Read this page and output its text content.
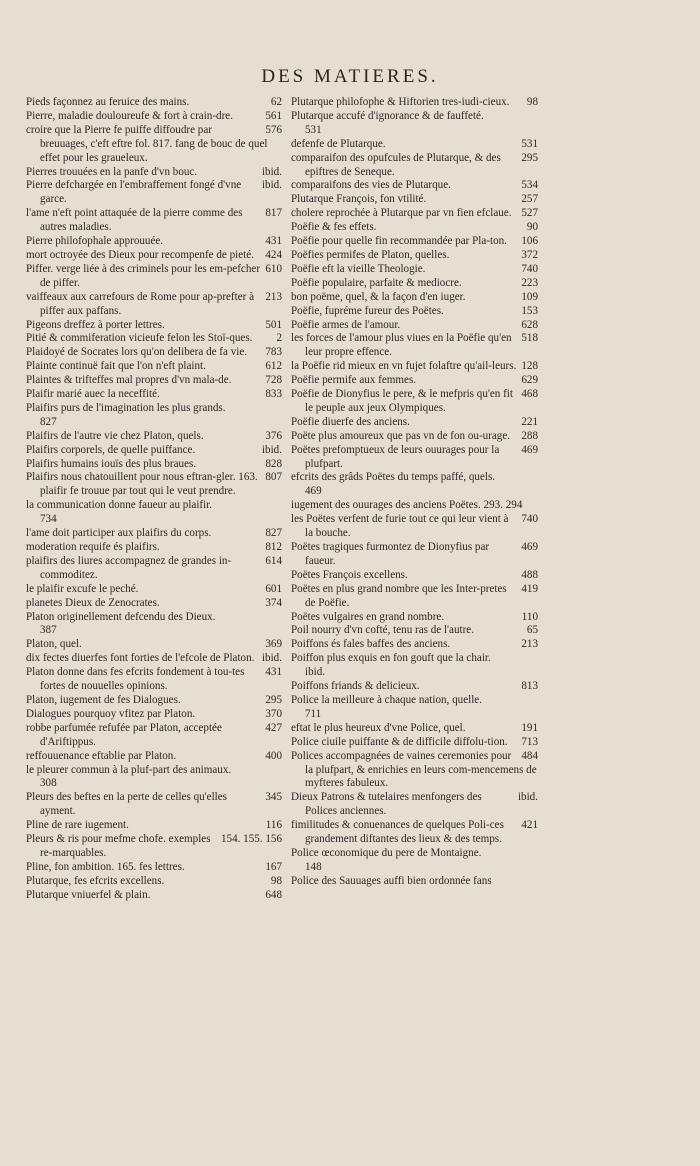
DES MATIERES.
62
Pieds façonnez au feruice des mains.
561
Pierre, maladie douloureufe & fort à crain-dre.
576
croire que la Pierre fe puiffe diffoudre par breuuages, c'eft eftre fol. 817. fang de bouc de quel effet pour les graueleux.
ibid.
Pierres trouuées en la panfe d'vn bouc.
ibid.
Pierre defchargée en l'embraffement fongé d'vne garce.
817
l'ame n'eft point attaquée de la pierre comme des autres maladies.
431
Pierre philofophale approuuée.
424
mort octroyée des Dieux pour recompenfe de pieté.
610
Piffer. verge liée à des criminels pour les em-pefcher de piffer.
213
vaiffeaux aux carrefours de Rome pour ap-prefter à piffer aux paffans.
501
Pigeons dreffez à porter lettres.
2
Pitié & commiferation vicieufe felon les Stoï-ques.
783
Plaidoyé de Socrates lors qu'on delibera de fa vie.
612
Plainte continuë fait que l'on n'eft plaint.
728
Plaintes & trifteffes mal propres d'vn mala-de.
833
Plaifir marié auec la neceffité.
Plaifirs purs de l'imagination les plus grands.
827
376
Plaifirs de l'autre vie chez Platon, quels.
ibid.
Plaifirs corporels, de quelle puiffance.
828
Plaifirs humains iouïs des plus braues.
807
Plaifirs nous chatouillent pour nous eftran-gler. 163. plaifir fe trouue par tout qui le veut prendre.
la communication donne faueur au plaifir.
734
827
l'ame doit participer aux plaifirs du corps.
812
moderation requife és plaifirs.
614
plaifirs des liures accompagnez de grandes in-commoditez.
601
le plaifir excufe le peché.
374
planetes Dieux de Zenocrates.
Platon originellement defcendu des Dieux.
387
369
Platon, quel.
ibid.
dix fectes diuerfes font forties de l'efcole de Platon.
431
Platon donne dans fes efcrits fondement à tou-tes fortes de nouuelles opinions.
295
Platon, iugement de fes Dialogues.
370
Dialogues pourquoy vfitez par Platon.
427
robbe parfumée refufée par Platon, acceptée d'Ariftippus.
400
reffouuenance eftablie par Platon.
le pleurer commun à la pluf-part des animaux.
308
345
Pleurs des beftes en la perte de celles qu'elles ayment.
116
Pline de rare iugement.
154. 155. 156
Pleurs & ris pour mefme chofe. exemples re-marquables.
167
Pline, fon ambition. 165. fes lettres.
98
Plutarque, fes efcrits excellens.
648
Plutarque vniuerfel & plain.
98
Plutarque philofophe & Hiftorien tres-iudi-cieux.
Plutarque accufé d'ignorance & de fauffeté.
531
531
defenfe de Plutarque.
295
comparaifon des opufcules de Plutarque, & des epiftres de Seneque.
534
comparaifons des vies de Plutarque.
257
Plutarque François, fon vtilité.
527
cholere reprochée à Plutarque par vn fien efclaue.
90
Poëfie & fes effets.
106
Poëfie pour quelle fin recommandée par Pla-ton.
372
Poëfies permifes de Platon, quelles.
740
Poëfie eft la vieille Theologie.
223
Poëfie populaire, parfaite & mediocre.
109
bon poëme, quel, & la façon d'en iuger.
153
Poëfie, fupréme fureur des Poëtes.
628
Poëfie armes de l'amour.
518
les forces de l'amour plus viues en la Poëfie qu'en leur propre effence.
128
la Poëfie rid mieux en vn fujet folaftre qu'ail-leurs.
629
Poëfie permife aux femmes.
468
Poëfie de Dionyfius le pere, & le mefpris qu'en fit le peuple aux jeux Olympiques.
221
Poëfie diuerfe des anciens.
288
Poëte plus amoureux que pas vn de fon ou-urage.
469
Poëtes prefomptueux de leurs ouurages pour la plufpart.
efcrits des grâds Poëtes du temps paffé, quels.
469
iugement des ouurages des anciens Poëtes. 293. 294
740
les Poëtes verfent de furie tout ce qui leur vient à la bouche.
469
Poëtes tragiques furmontez de Dionyfius par faueur.
488
Poëtes François excellens.
419
Poëtes en plus grand nombre que les Inter-pretes de Poëfie.
110
Poëtes vulgaires en grand nombre.
65
Poil nourry d'vn cofté, tenu ras de l'autre.
213
Poiffons és fales baffes des anciens.
Poiffon plus exquis en fon gouft que la chair.
ibid.
813
Poiffons friands & delicieux.
Police la meilleure à chaque nation, quelle.
711
191
eftat le plus heureux d'vne Police, quel.
713
Police ciuile puiffante & de difficile diffolu-tion.
484
Polices accompagnées de vaines ceremonies pour la plufpart, & enrichies en leurs com-mencemens de myfteres fabuleux.
ibid.
Dieux Patrons & tutelaires menfongers des Polices anciennes.
421
fimilitudes & conuenances de quelques Poli-ces grandement diftantes des lieux & des temps.
Police œconomique du pere de Montaigne.
148
Police des Sauuages auffi bien ordonnée fans
